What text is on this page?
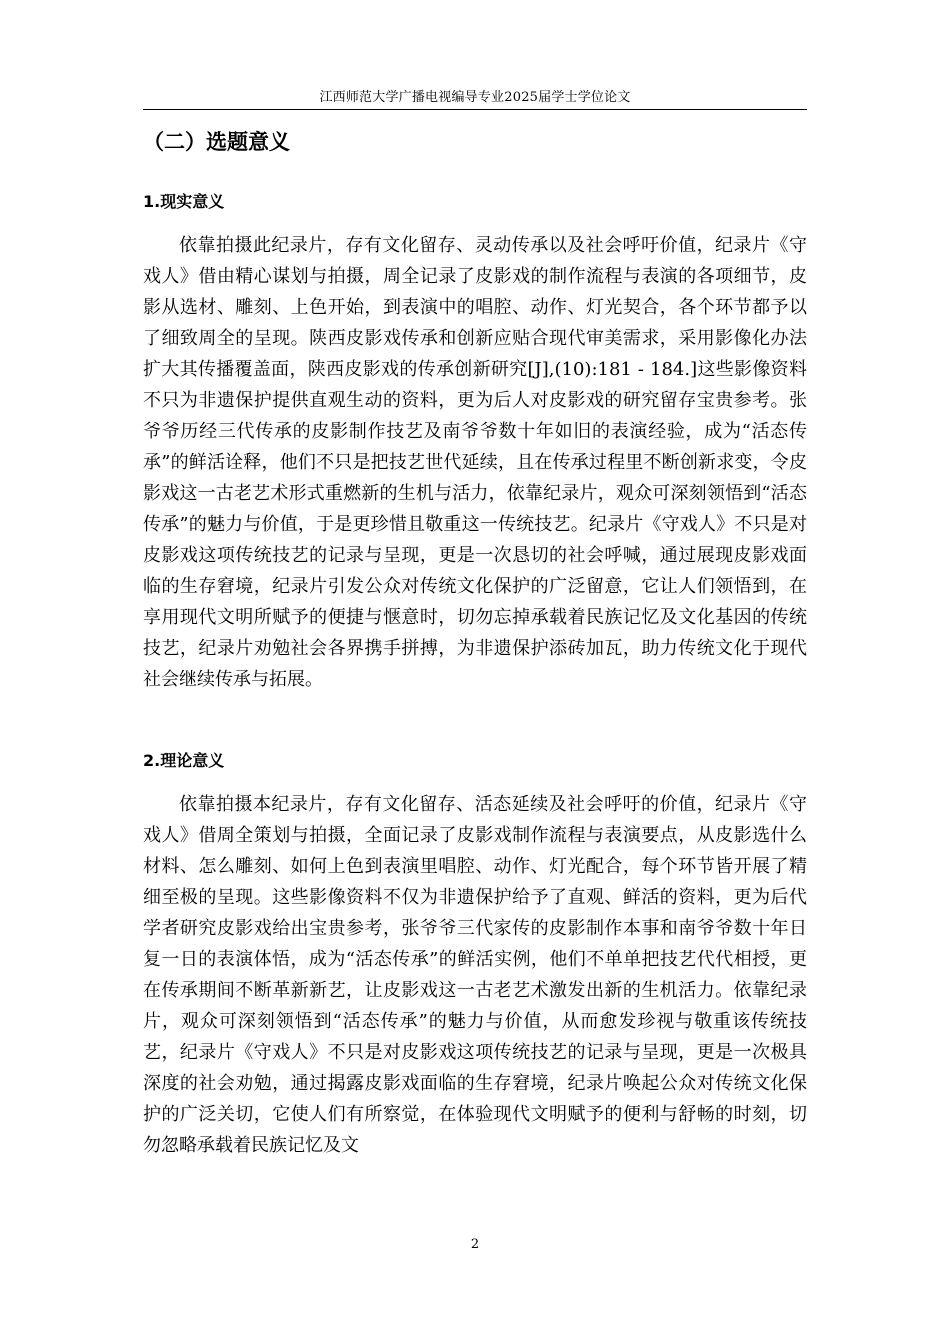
江西师范大学广播电视编导专业2025届学士学位论文
（二）选题意义
1.现实意义

依靠拍摄此纪录片，存有文化留存、灵动传承以及社会呼吁价值，纪录片《守戏人》借由精心谋划与拍摄，周全记录了皮影戏的制作流程与表演的各项细节，皮影从选材、雕刻、上色开始，到表演中的唱腔、动作、灯光契合，各个环节都予以了细致周全的呈现。陕西皮影戏传承和创新应贴合现代审美需求，采用影像化办法扩大其传播覆盖面，陕西皮影戏的传承创新研究[J],(10):181 - 184.]这些影像资料不只为非遗保护提供直观生动的资料，更为后人对皮影戏的研究留存宝贵参考。张爷爷历经三代传承的皮影制作技艺及南爷爷数十年如旧的表演经验，成为“活态传承”的鲜活诠释，他们不只是把技艺世代延续，且在传承过程里不断创新求变，令皮影戏这一古老艺术形式重燃新的生机与活力，依靠纪录片，观众可深刻领悟到“活态传承”的魅力与价值，于是更珍惜且敬重这一传统技艺。纪录片《守戏人》不只是对皮影戏这项传统技艺的记录与呈现，更是一次恳切的社会呼喊，通过展现皮影戏面临的生存窘境，纪录片引发公众对传统文化保护的广泛留意，它让人们领悟到，在享用现代文明所赋予的便捷与惬意时，切勿忘掉承载着民族记忆及文化基因的传统技艺，纪录片劝勉社会各界携手拼搏，为非遗保护添砖加瓦，助力传统文化于现代社会继续传承与拓展。

2.理论意义

依靠拍摄本纪录片，存有文化留存、活态延续及社会呼吁的价值，纪录片《守戏人》借周全策划与拍摄，全面记录了皮影戏制作流程与表演要点，从皮影选什么材料、怎么雕刻、如何上色到表演里唱腔、动作、灯光配合，每个环节皆开展了精细至极的呈现。这些影像资料不仅为非遗保护给予了直观、鲜活的资料，更为后代学者研究皮影戏给出宝贵参考，张爷爷三代家传的皮影制作本事和南爷爷数十年日复一日的表演体悟，成为“活态传承”的鲜活实例，他们不单单把技艺代代相授，更在传承期间不断革新新艺，让皮影戏这一古老艺术激发出新的生机活力。依靠纪录片，观众可深刻领悟到“活态传承”的魅力与价值，从而愈发珍视与敬重该传统技艺，纪录片《守戏人》不只是对皮影戏这项传统技艺的记录与呈现，更是一次极具深度的社会劝勉，通过揭露皮影戏面临的生存窘境，纪录片唤起公众对传统文化保护的广泛关切，它使人们有所察觉，在体验现代文明赋予的便利与舒畅的时刻，切勿忽略承载着民族记忆及文

2
